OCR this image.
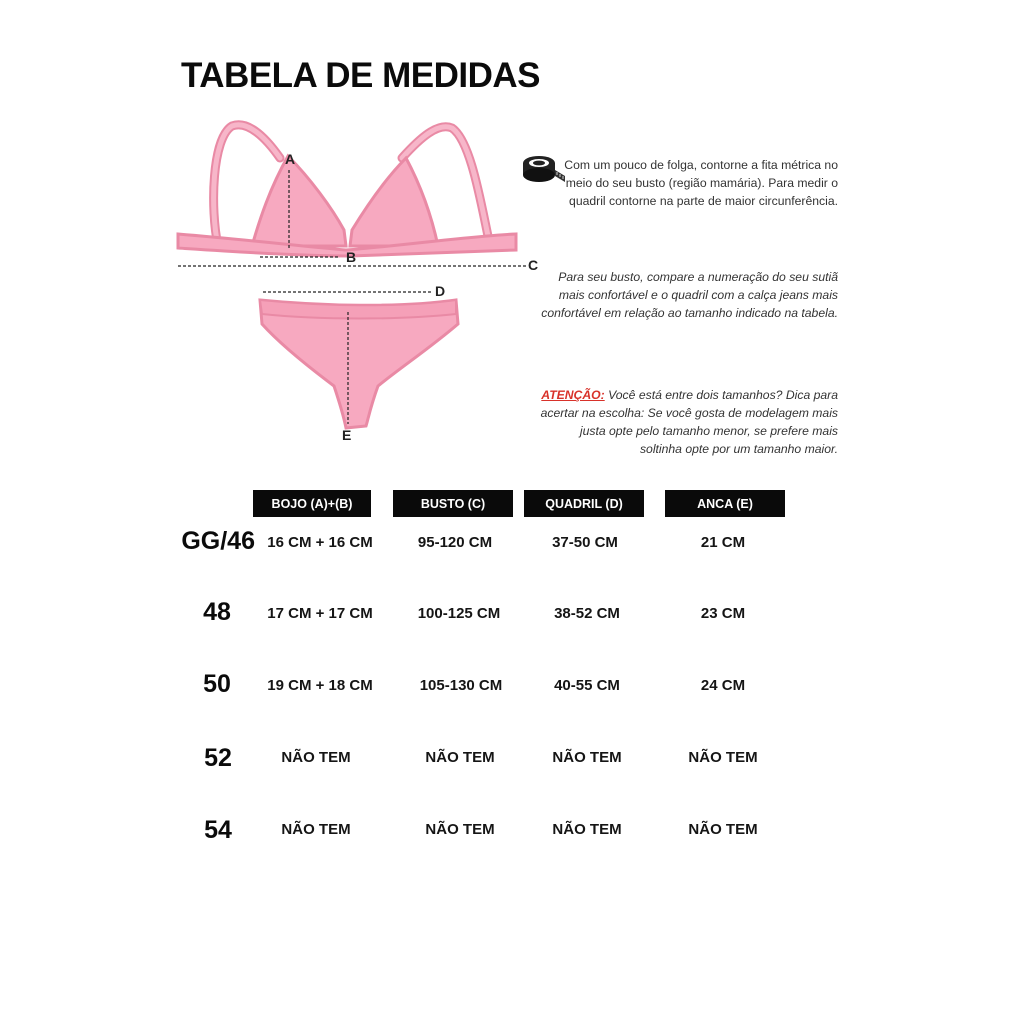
TABELA DE MEDIDAS
A
B	C
D
E

Com um pouco de folga, contorne a fita métrica no meio do seu busto (região mamária). Para medir o quadril contorne na parte de maior circunferência.

Para seu busto, compare a numeração do seu sutiã mais confortável e o quadril com a calça jeans mais confortável em relação ao tamanho indicado na tabela.

ATENÇÃO: Você está entre dois tamanhos? Dica para acertar na escolha: Se você gosta de modelagem mais justa opte pelo tamanho menor, se prefere mais soltinha opte por um tamanho maior.

BOJO (A)+(B)	BUSTO (C)	QUADRIL (D)	ANCA (E)
GG/46 16 CM + 16 CM	95-120 CM	37-50 CM	21 CM
48	17 CM + 17 CM	100-125 CM	38-52 CM	23 CM
50	19 CM + 18 CM	105-130 CM	40-55 CM	24 CM
52	NÃO TEM	NÃO TEM	NÃO TEM	NÃO TEM
54	NÃO TEM	NÃO TEM	NÃO TEM	NÃO TEM
